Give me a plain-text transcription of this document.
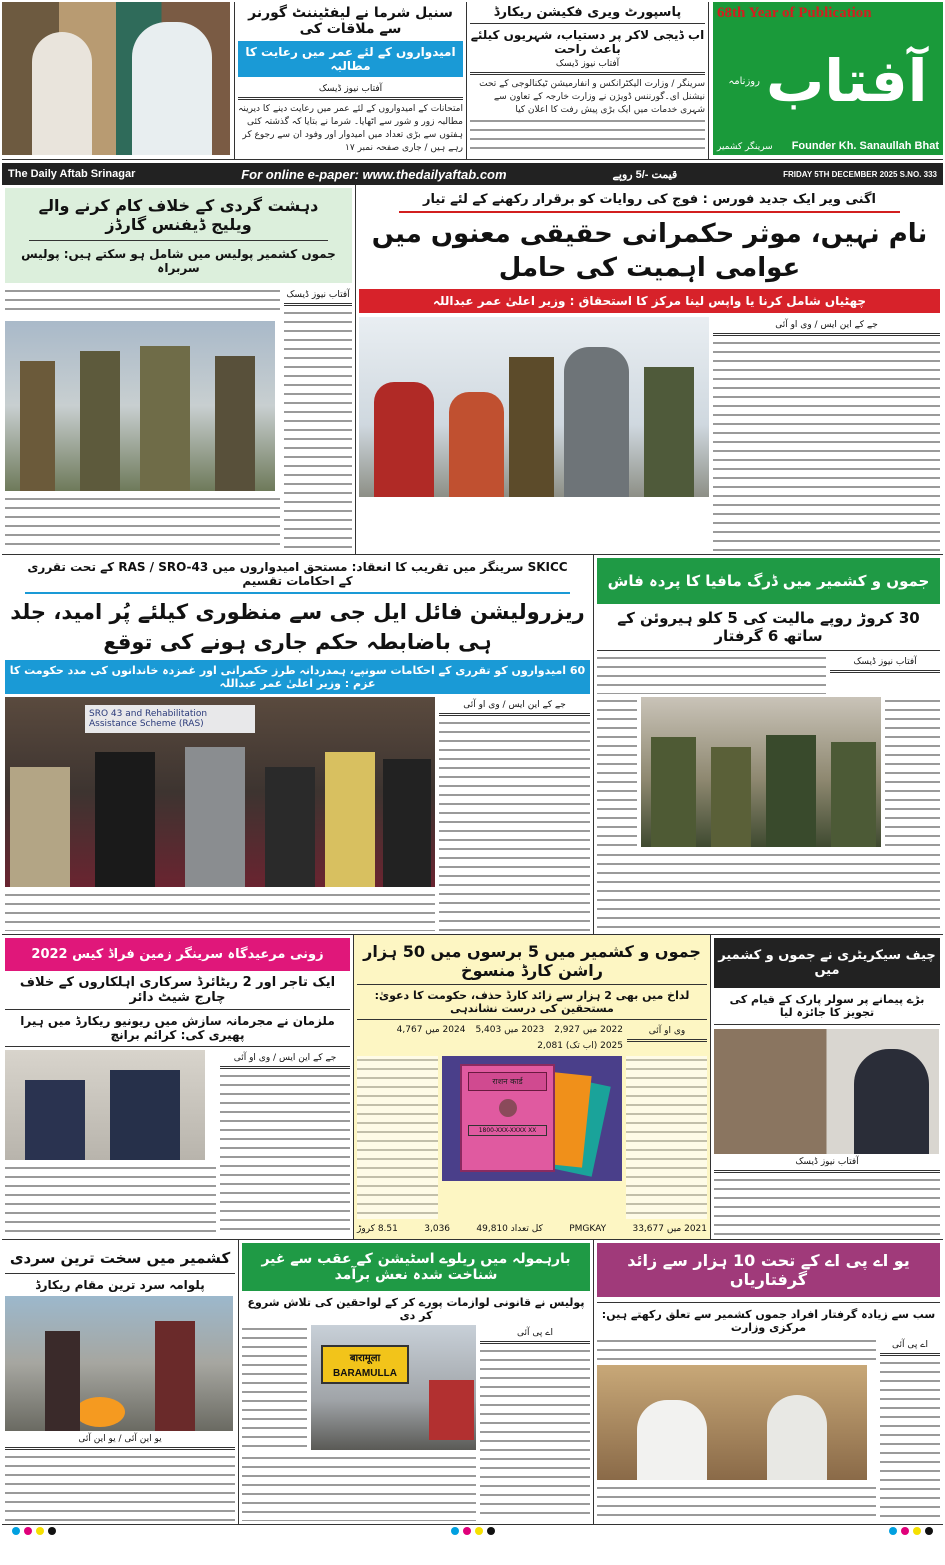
سنیل شرما نے لیفٹیننٹ گورنر سے ملاقات کی
امیدواروں کے لئے عمر میں رعایت کا مطالبہ
آفتاب نیوز ڈیسک
امتحانات کے امیدواروں کے لئے عمر میں رعایت دینے کا دیرینہ مطالبہ زور و شور سے اٹھایا۔ شرما نے بتایا کہ گذشتہ کئی ہفتوں سے بڑی تعداد میں امیدوار اور وفود ان سے رجوع کر رہے ہیں / جاری صفحہ نمبر ۱۷
پاسپورٹ ویری فکیشن ریکارڈ
اب ڈیجی لاکر پر دستیاب، شہریوں کیلئے باعث راحت
آفتاب نیوز ڈیسک
سرینگر / وزارت الیکٹرانکس و انفارمیشن ٹیکنالوجی کے تحت نیشنل ای۔گورننس ڈویژن نے وزارت خارجہ کے تعاون سے شہری خدمات میں ایک بڑی پیش رفت کا اعلان کیا
68th Year of Publication
روزنامہ آفتاب
سرینگر کشمیر Founder Kh. Sanaullah Bhat
The Daily Aftab Srinagar	For online e-paper: www.thedailyaftab.com	قیمت -/5 روپے	FRIDAY 5TH DECEMBER 2025 S.NO. 333
دہشت گردی کے خلاف کام کرنے والے ویلیج ڈیفنس گارڈز
جموں کشمیر پولیس میں شامل ہو سکتے ہیں: پولیس سربراہ
آفتاب نیوز ڈیسک
اگنی ویر ایک جدید فورس : فوج کی روایات کو برقرار رکھنے کے لئے تیار
نام نہیں، موثر حکمرانی حقیقی معنوں میں عوامی اہمیت کی حامل
چھٹیاں شامل کرنا یا واپس لینا مرکز کا استحقاق : وزیر اعلیٰ عمر عبداللہ
جے کے این ایس / وی او آئی
SKICC سرینگر میں تقریب کا انعقاد: مستحق امیدواروں میں RAS / SRO-43 کے تحت تقرری کے احکامات تقسیم
ریزرولیشن فائل ایل جی سے منظوری کیلئے پُر امید، جلد ہی باضابطہ حکم جاری ہونے کی توقع
60 امیدواروں کو تقرری کے احکامات سونپے، ہمدردانہ طرز حکمرانی اور غمزدہ خاندانوں کی مدد حکومت کا عزم : وزیر اعلیٰ عمر عبداللہ
SRO 43 and Rehabilitation Assistance Scheme (RAS)
جے کے این ایس / وی او آئی
جموں و کشمیر میں ڈرگ مافیا کا پردہ فاش
30 کروڑ روپے مالیت کی 5 کلو ہیروئن کے ساتھ 6 گرفتار
آفتاب نیوز ڈیسک
زونی مرعیدگاہ سرینگر زمین فراڈ کیس 2022
ایک تاجر اور 2 ریٹائرڈ سرکاری اہلکاروں کے خلاف چارج شیٹ دائر
ملزمان نے مجرمانہ سازش میں ریونیو ریکارڈ میں ہیرا پھیری کی: کرائم برانچ
جے کے این ایس / وی او آئی
جموں و کشمیر میں 5 برسوں میں 50 ہزار راشن کارڈ منسوخ
لداخ میں بھی 2 ہزار سے زائد کارڈ حذف، حکومت کا دعویٰ: مستحقین کی درست نشاندہی
2022 میں 2,927
2023 میں 5,403
2024 میں 4,767
2025 (اب تک) 2,081
وی او آئی
राशन कार्ड
1800-XXX-XXXX XX
2021 میں 33,677
PMGKAY
کل تعداد 49,810
3,036
8.51 کروڑ
چیف سیکریٹری نے جموں و کشمیر میں
بڑے پیمانے پر سولر پارک کے قیام کی تجویز کا جائزہ لیا
آفتاب نیوز ڈیسک
کشمیر میں سخت ترین سردی
پلوامہ سرد ترین مقام ریکارڈ
یو این آئی / یو این آئی
بارہمولہ میں ریلوے اسٹیشن کے عقب سے غیر شناخت شدہ نعش برآمد
پولیس نے قانونی لوازمات پورے کر کے لواحقین کی تلاش شروع کر دی
बारामूला
BARAMULLA
اے پی آئی
یو اے پی اے کے تحت 10 ہزار سے زائد گرفتاریاں
سب سے زیادہ گرفتار افراد جموں کشمیر سے تعلق رکھتے ہیں: مرکزی وزارت
اے پی آئی
